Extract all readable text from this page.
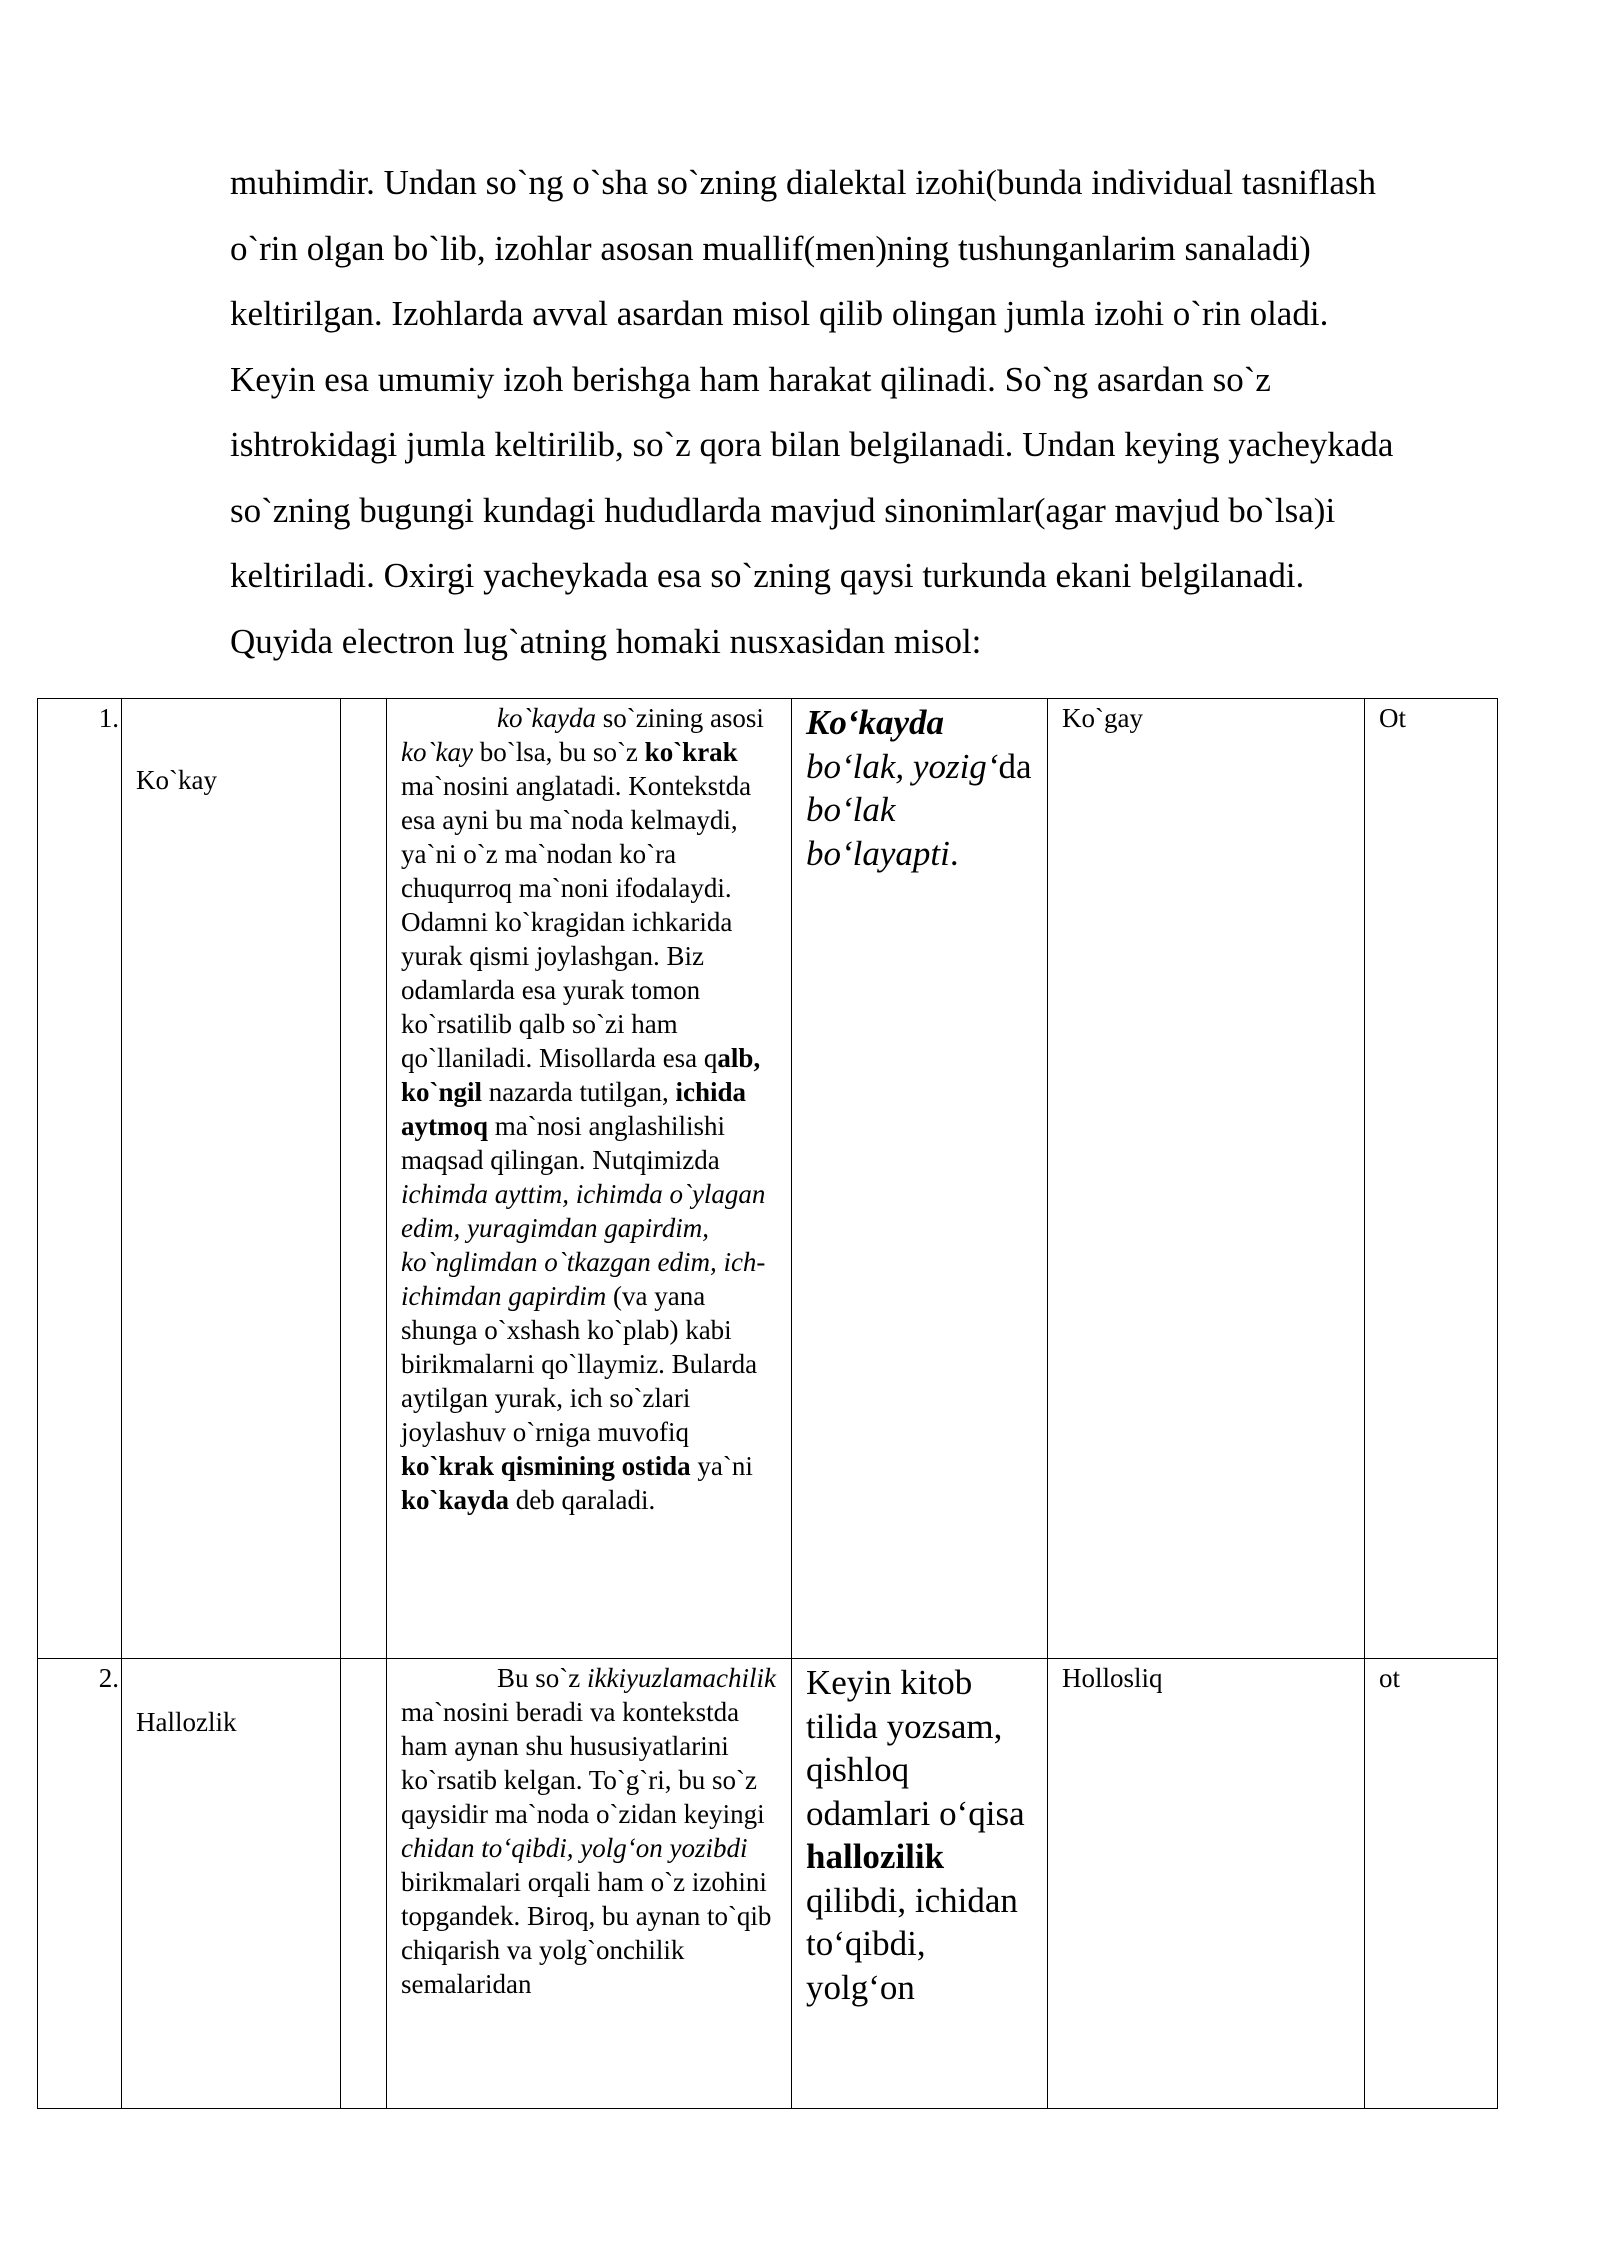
muhimdir. Undan so`ng o`sha so`zning dialektal izohi(bunda individual tasniflash

o`rin olgan bo`lib, izohlar asosan muallif(men)ning tushunganlarim sanaladi)

keltirilgan. Izohlarda avval asardan misol qilib olingan jumla izohi o`rin oladi.

Keyin esa umumiy izoh berishga ham harakat qilinadi. So`ng asardan so`z

ishtrokidagi jumla keltirilib, so`z qora bilan belgilanadi. Undan keying yacheykada

so`zning bugungi kundagi hududlarda mavjud sinonimlar(agar mavjud bo`lsa)i

keltiriladi. Oxirgi yacheykada esa so`zning qaysi turkunda ekani belgilanadi.

Quyida electron lug`atning homaki nusxasidan misol:

1.	Ko`kay		ko`kayda so`zining asosi ko`kay bo`lsa, bu so`z ko`krak ma`nosini anglatadi. Kontekstda esa ayni bu ma`noda kelmaydi, ya`ni o`z ma`nodan ko`ra chuqurroq ma`noni ifodalaydi. Odamni ko`kragidan ichkarida yurak qismi joylashgan. Biz odamlarda esa yurak tomon ko`rsatilib qalb so`zi ham qo`llaniladi. Misollarda esa qalb, ko`ngil nazarda tutilgan, ichida aytmoq ma`nosi anglashilishi maqsad qilingan. Nutqimizda ichimda ayttim, ichimda o`ylagan edim, yuragimdan gapirdim, ko`nglimdan o`tkazgan edim, ich-ichimdan gapirdim (va yana shunga o`xshash ko`plab) kabi birikmalarni qo`llaymiz. Bularda aytilgan yurak, ich so`zlari joylashuv o`rniga muvofiq ko`krak qismining ostida ya`ni ko`kayda deb qaraladi.	Ko‘kayda bo‘lak, yozig‘da bo‘lak bo‘layapti.	Ko`gay	Ot
2.	Hallozlik		Bu so`z ikkiyuzlamachilik ma`nosini beradi va kontekstda ham aynan shu hususiyatlarini ko`rsatib kelgan. To`g`ri, bu so`z qaysidir ma`noda o`zidan keyingi chidan to‘qibdi, yolg‘on yozibdi birikmalari orqali ham o`z izohini topgandek. Biroq, bu aynan to`qib chiqarish va yolg`onchilik semalaridan	Keyin kitob tilida yozsam, qishloq odamlari o‘qisa hallozilik qilibdi, ichidan to‘qibdi, yolg‘on	Hollosliq	ot
